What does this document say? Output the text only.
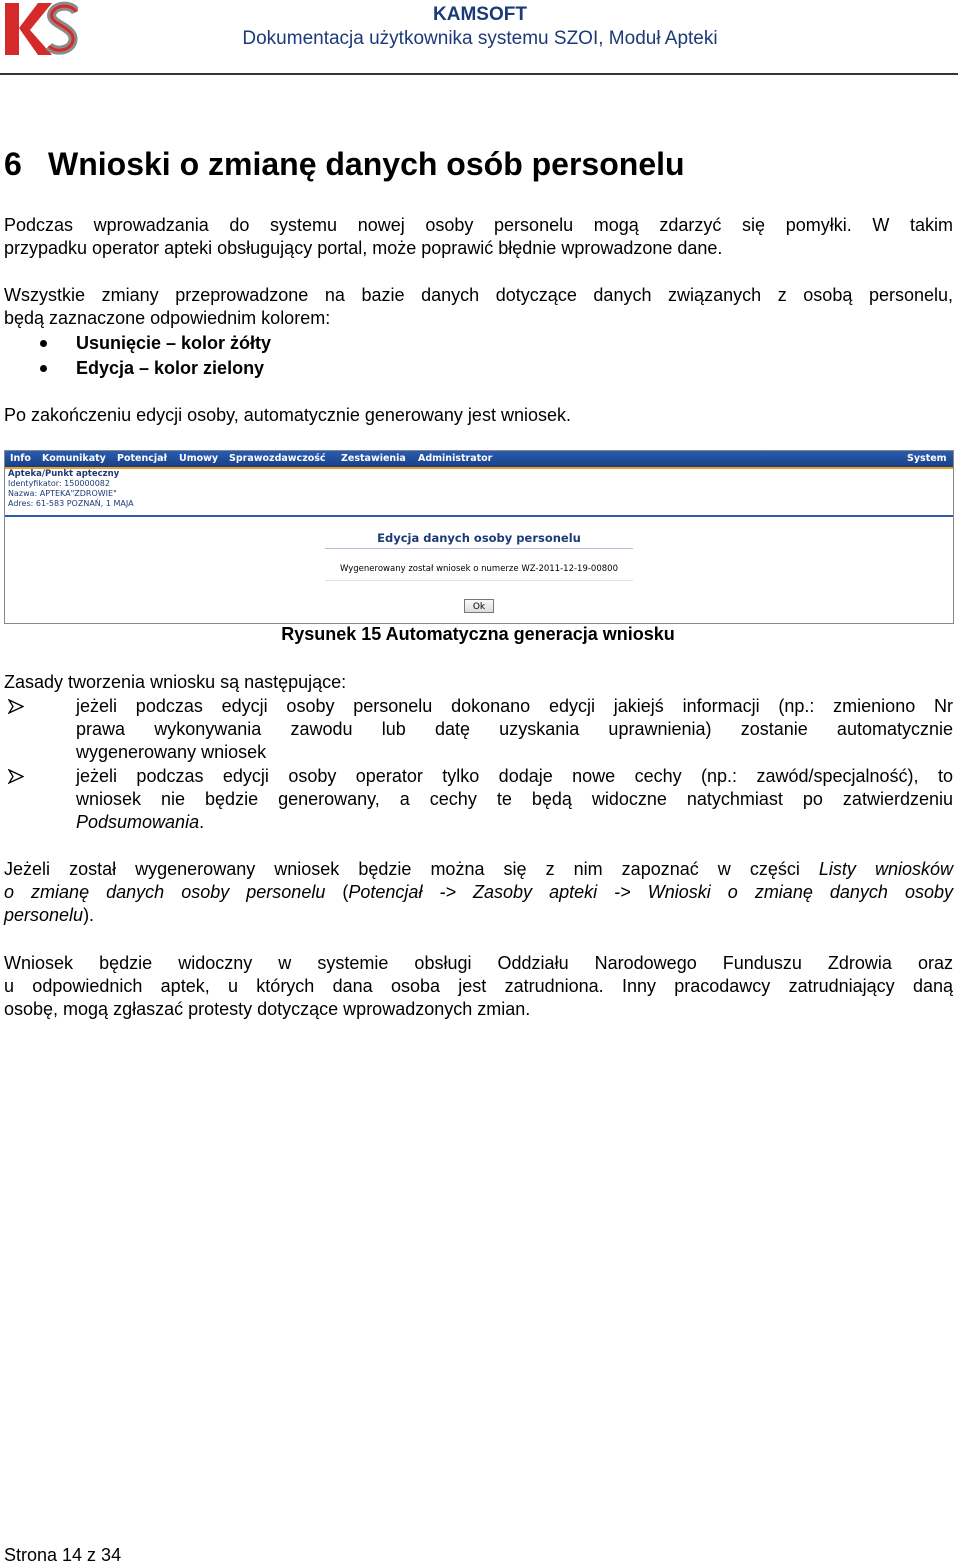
KAMSOFT
Dokumentacja użytkownika systemu SZOI, Moduł Apteki
6 Wnioski o zmianę danych osób personelu

Podczas wprowadzania do systemu nowej osoby personelu mogą zdarzyć się pomyłki. W takim

przypadku operator apteki obsługujący portal, może poprawić błędnie wprowadzone dane.

Wszystkie zmiany przeprowadzone na bazie danych dotyczące danych związanych z osobą personelu,

będą zaznaczone odpowiednim kolorem:

Usunięcie – kolor żółty
Edycja – kolor zielony
Po zakończeniu edycji osoby, automatycznie generowany jest wniosek.
Info Komunikaty Potencjał Umowy Sprawozdawczość Zestawienia Administrator	System
Apteka/Punkt apteczny
Identyfikator: 150000082
Nazwa: APTEKA"ZDROWIE"
Adres: 61-583 POZNAŃ, 1 MAJA
Edycja danych osoby personelu
Wygenerowany został wniosek o numerze WZ-2011-12-19-00800
Ok
Rysunek 15 Automatyczna generacja wniosku
Zasady tworzenia wniosku są następujące:

jeżeli podczas edycji osoby personelu dokonano edycji jakiejś informacji (np.: zmieniono Nr

prawa wykonywania zawodu lub datę uzyskania uprawnienia) zostanie automatycznie

wygenerowany wniosek

jeżeli podczas edycji osoby operator tylko dodaje nowe cechy (np.: zawód/specjalność), to

wniosek nie będzie generowany, a cechy te będą widoczne natychmiast po zatwierdzeniu

Podsumowania.

Jeżeli został wygenerowany wniosek będzie można się z nim zapoznać w części Listy wniosków

o zmianę danych osoby personelu (Potencjał -> Zasoby apteki -> Wnioski o zmianę danych osoby

personelu).

Wniosek będzie widoczny w systemie obsługi Oddziału Narodowego Funduszu Zdrowia oraz

u odpowiednich aptek, u których dana osoba jest zatrudniona. Inny pracodawcy zatrudniający daną

osobę, mogą zgłaszać protesty dotyczące wprowadzonych zmian.

Strona 14 z 34
